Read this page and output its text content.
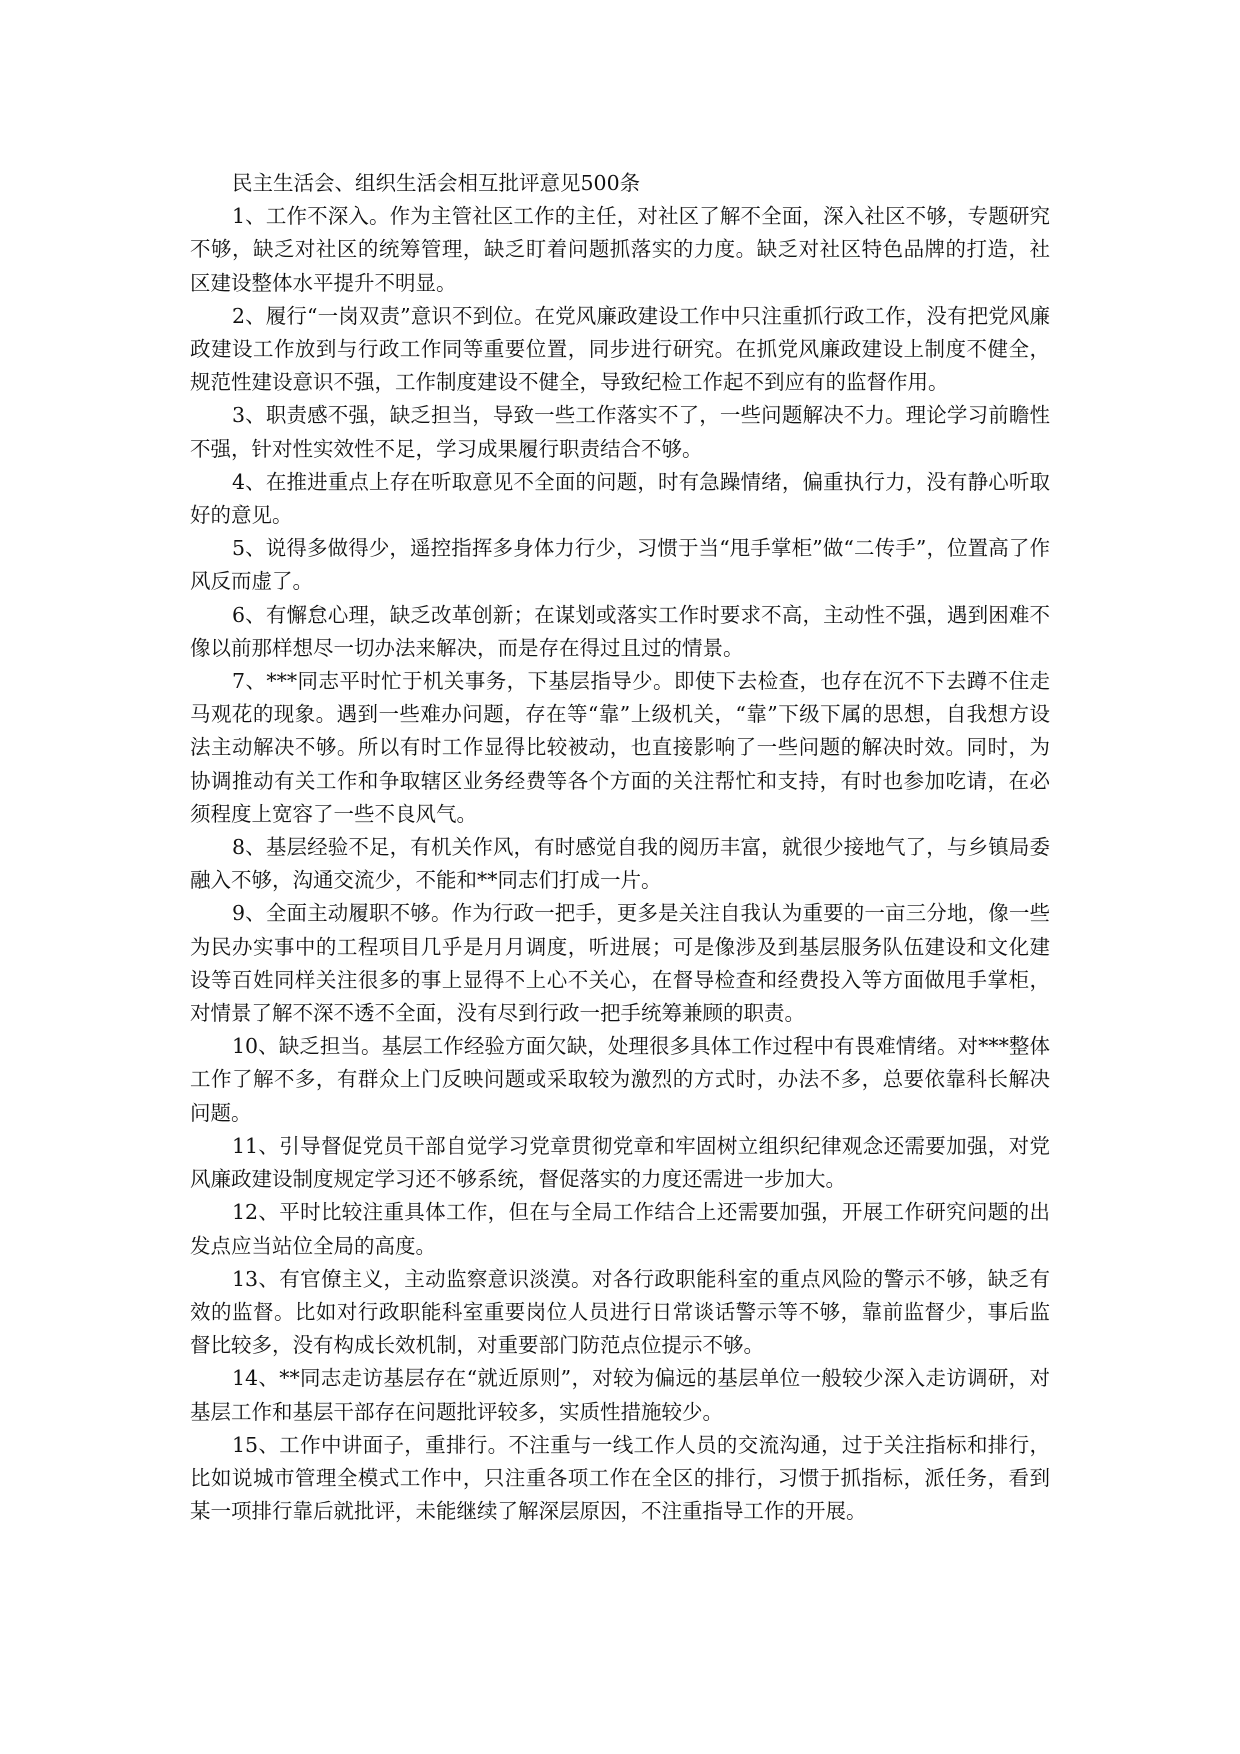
民主生活会、组织生活会相互批评意见500条

1、工作不深入。作为主管社区工作的主任，对社区了解不全面，深入社区不够，专题研究不够，缺乏对社区的统筹管理，缺乏盯着问题抓落实的力度。缺乏对社区特色品牌的打造，社区建设整体水平提升不明显。

2、履行“一岗双责”意识不到位。在党风廉政建设工作中只注重抓行政工作，没有把党风廉政建设工作放到与行政工作同等重要位置，同步进行研究。在抓党风廉政建设上制度不健全，规范性建设意识不强，工作制度建设不健全，导致纪检工作起不到应有的监督作用。

3、职责感不强，缺乏担当，导致一些工作落实不了，一些问题解决不力。理论学习前瞻性不强，针对性实效性不足，学习成果履行职责结合不够。

4、在推进重点上存在听取意见不全面的问题，时有急躁情绪，偏重执行力，没有静心听取好的意见。

5、说得多做得少，遥控指挥多身体力行少，习惯于当“甩手掌柜”做“二传手”，位置高了作风反而虚了。

6、有懈怠心理，缺乏改革创新；在谋划或落实工作时要求不高，主动性不强，遇到困难不像以前那样想尽一切办法来解决，而是存在得过且过的情景。

7、***同志平时忙于机关事务，下基层指导少。即使下去检查，也存在沉不下去蹲不住走马观花的现象。遇到一些难办问题，存在等“靠”上级机关，“靠”下级下属的思想，自我想方设法主动解决不够。所以有时工作显得比较被动，也直接影响了一些问题的解决时效。同时，为协调推动有关工作和争取辖区业务经费等各个方面的关注帮忙和支持，有时也参加吃请，在必须程度上宽容了一些不良风气。

8、基层经验不足，有机关作风，有时感觉自我的阅历丰富，就很少接地气了，与乡镇局委融入不够，沟通交流少，不能和**同志们打成一片。

9、全面主动履职不够。作为行政一把手，更多是关注自我认为重要的一亩三分地，像一些为民办实事中的工程项目几乎是月月调度，听进展；可是像涉及到基层服务队伍建设和文化建设等百姓同样关注很多的事上显得不上心不关心，在督导检查和经费投入等方面做甩手掌柜，对情景了解不深不透不全面，没有尽到行政一把手统筹兼顾的职责。

10、缺乏担当。基层工作经验方面欠缺，处理很多具体工作过程中有畏难情绪。对***整体工作了解不多，有群众上门反映问题或采取较为激烈的方式时，办法不多，总要依靠科长解决问题。

11、引导督促党员干部自觉学习党章贯彻党章和牢固树立组织纪律观念还需要加强，对党风廉政建设制度规定学习还不够系统，督促落实的力度还需进一步加大。

12、平时比较注重具体工作，但在与全局工作结合上还需要加强，开展工作研究问题的出发点应当站位全局的高度。

13、有官僚主义，主动监察意识淡漠。对各行政职能科室的重点风险的警示不够，缺乏有效的监督。比如对行政职能科室重要岗位人员进行日常谈话警示等不够，靠前监督少，事后监督比较多，没有构成长效机制，对重要部门防范点位提示不够。

14、**同志走访基层存在“就近原则”，对较为偏远的基层单位一般较少深入走访调研，对基层工作和基层干部存在问题批评较多，实质性措施较少。

15、工作中讲面子，重排行。不注重与一线工作人员的交流沟通，过于关注指标和排行，比如说城市管理全模式工作中，只注重各项工作在全区的排行，习惯于抓指标，派任务，看到某一项排行靠后就批评，未能继续了解深层原因，不注重指导工作的开展。
